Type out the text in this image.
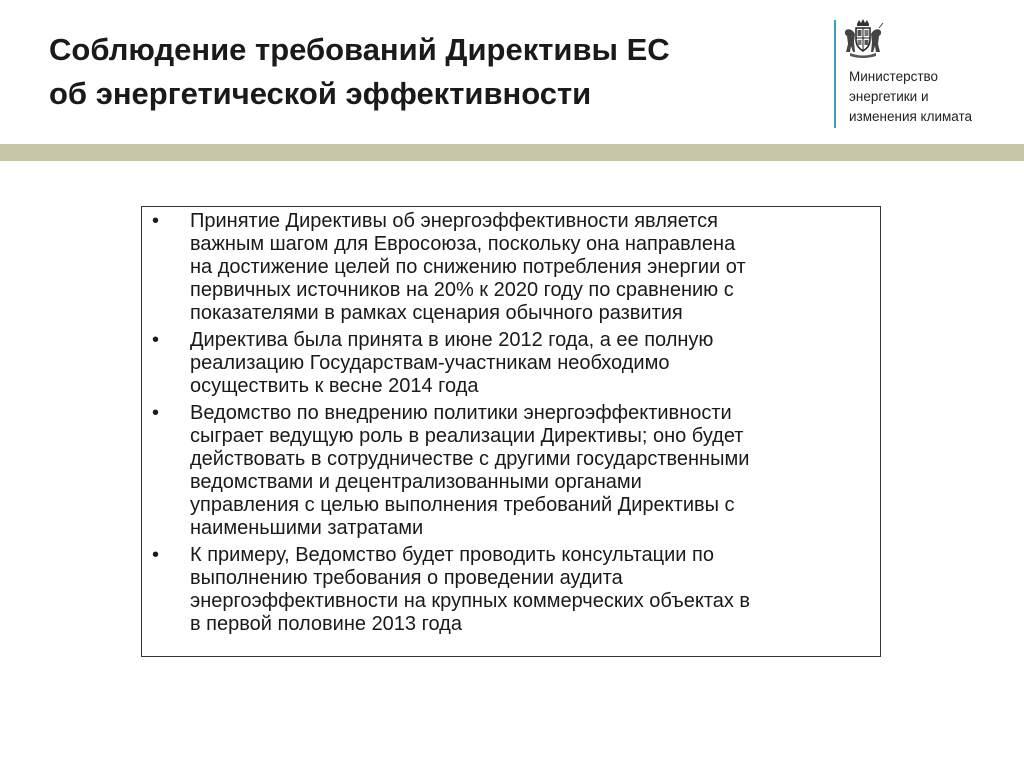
Соблюдение требований Директивы ЕС
об энергетической эффективности	Министерство
энергетики и
изменения климата
• Принятие Директивы об энергоэффективности является
важным шагом для Евросоюза, поскольку она направлена
на достижение целей по снижению потребления энергии от
первичных источников на 20% к 2020 году по сравнению с
показателями в рамках сценария обычного развития
• Директива была принята в июне 2012 года, а ее полную
реализацию Государствам-участникам необходимо
осуществить к весне 2014 года
• Ведомство по внедрению политики энергоэффективности
сыграет ведущую роль в реализации Директивы; оно будет
действовать в сотрудничестве с другими государственными
ведомствами и децентрализованными органами
управления с целью выполнения требований Директивы с
наименьшими затратами
• К примеру, Ведомство будет проводить консультации по
выполнению требования о проведении аудита
энергоэффективности на крупных коммерческих объектах в
в первой половине 2013 года
